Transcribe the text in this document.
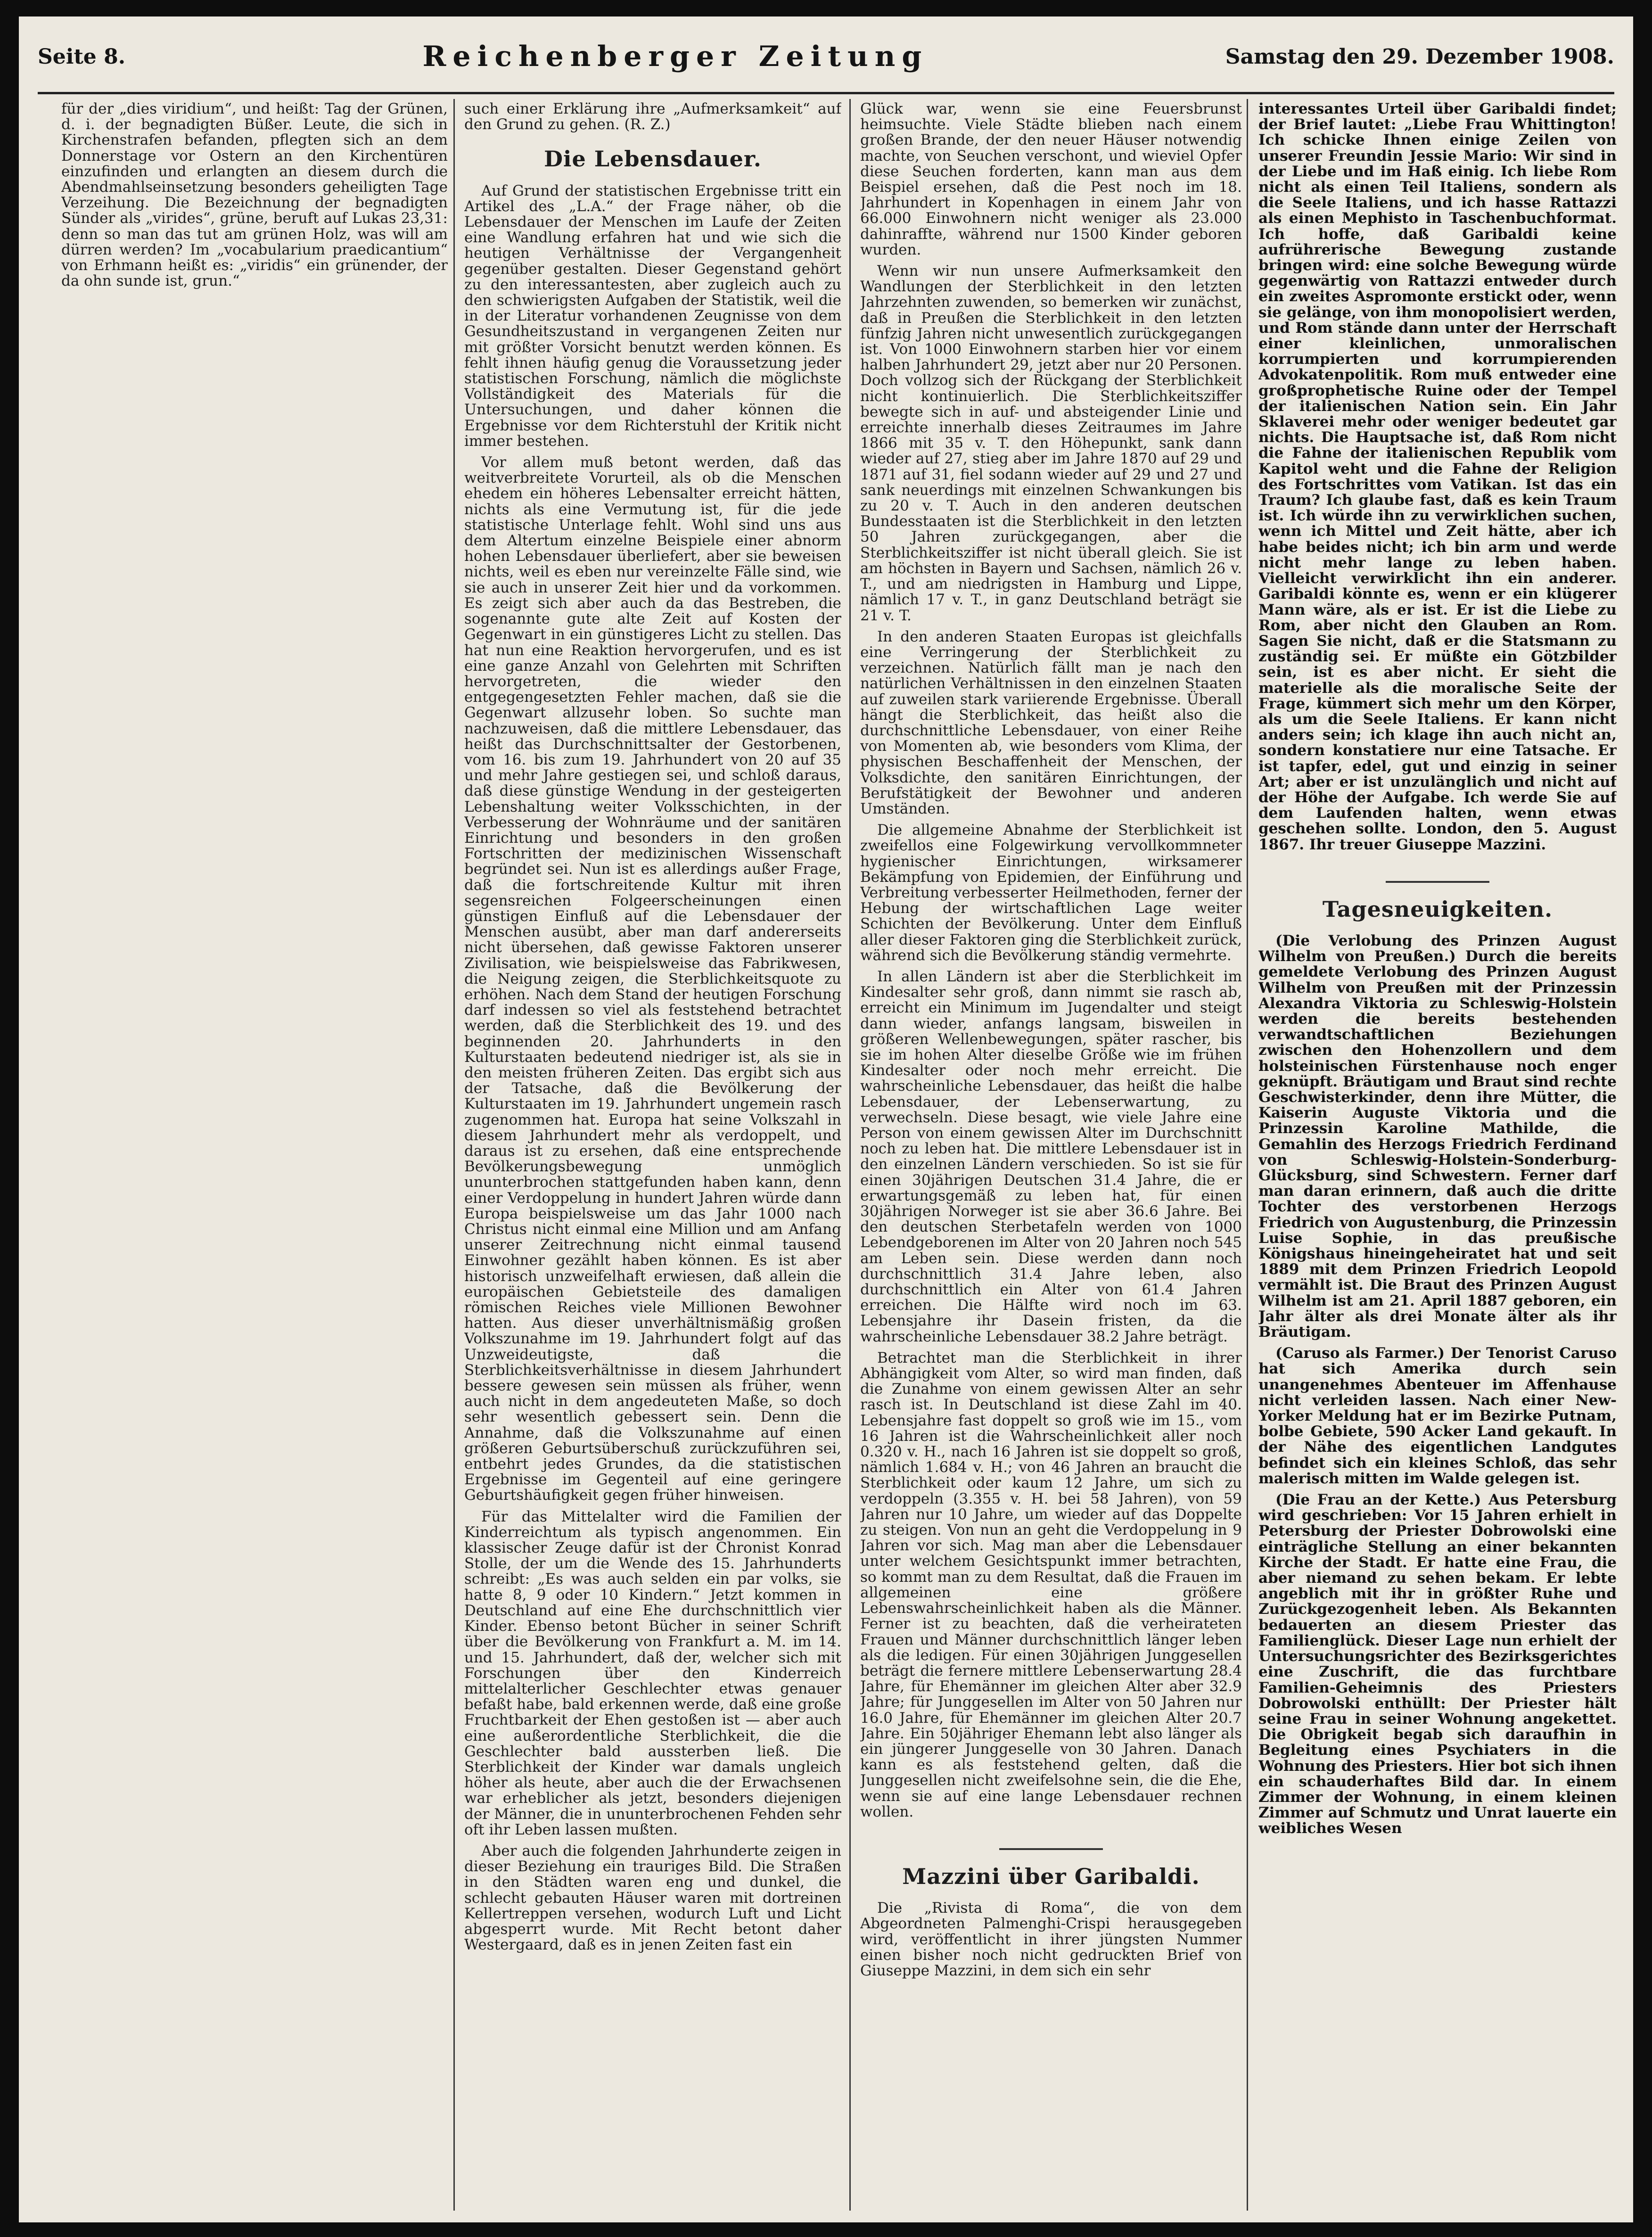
Seite 8.	Reichenberger Zeitung	Samstag den 29. Dezember 1908.

für der „dies viridium“, und heißt: Tag der Grünen, d. i. der begnadigten Büßer. Leute, die sich in Kirchenstrafen befanden, pflegten sich an dem Donnerstage vor Ostern an den Kirchentüren einzufinden und erlangten an diesem durch die Abendmahlseinsetzung besonders geheiligten Tage Verzeihung. Die Bezeichnung der begnadigten Sünder als „virides“, grüne, beruft auf Lukas 23,31: denn so man das tut am grünen Holz, was will am dürren werden? Im „vocabularium praedicantium“ von Erhmann heißt es: „viridis“ ein grünender, der da ohn sunde ist, grun.“

such einer Erklärung ihre „Aufmerksamkeit“ auf den Grund zu gehen. (R. Z.)

Die Lebensdauer.

Auf Grund der statistischen Ergebnisse tritt ein Artikel des „L.A.“ der Frage näher, ob die Lebensdauer der Menschen im Laufe der Zeiten eine Wandlung erfahren hat und wie sich die heutigen Verhältnisse der Vergangenheit gegenüber gestalten. Dieser Gegenstand gehört zu den interessantesten, aber zugleich auch zu den schwierigsten Aufgaben der Statistik, weil die in der Literatur vorhandenen Zeugnisse von dem Gesundheitszustand in vergangenen Zeiten nur mit größter Vorsicht benutzt werden können. Es fehlt ihnen häufig genug die Voraussetzung jeder statistischen Forschung, nämlich die möglichste Vollständigkeit des Materials für die Untersuchungen, und daher können die Ergebnisse vor dem Richterstuhl der Kritik nicht immer bestehen.

Vor allem muß betont werden, daß das weitverbreitete Vorurteil, als ob die Menschen ehedem ein höheres Lebensalter erreicht hätten, nichts als eine Vermutung ist, für die jede statistische Unterlage fehlt. Wohl sind uns aus dem Altertum einzelne Beispiele einer abnorm hohen Lebensdauer überliefert, aber sie beweisen nichts, weil es eben nur vereinzelte Fälle sind, wie sie auch in unserer Zeit hier und da vorkommen. Es zeigt sich aber auch da das Bestreben, die sogenannte gute alte Zeit auf Kosten der Gegenwart in ein günstigeres Licht zu stellen. Das hat nun eine Reaktion hervorgerufen, und es ist eine ganze Anzahl von Gelehrten mit Schriften hervorgetreten, die wieder den entgegengesetzten Fehler machen, daß sie die Gegenwart allzusehr loben. So suchte man nachzuweisen, daß die mittlere Lebensdauer, das heißt das Durchschnittsalter der Gestorbenen, vom 16. bis zum 19. Jahrhundert von 20 auf 35 und mehr Jahre gestiegen sei, und schloß daraus, daß diese günstige Wendung in der gesteigerten Lebenshaltung weiter Volksschichten, in der Verbesserung der Wohnräume und der sanitären Einrichtung und besonders in den großen Fortschritten der medizinischen Wissenschaft begründet sei. Nun ist es allerdings außer Frage, daß die fortschreitende Kultur mit ihren segensreichen Folgeerscheinungen einen günstigen Einfluß auf die Lebensdauer der Menschen ausübt, aber man darf andererseits nicht übersehen, daß gewisse Faktoren unserer Zivilisation, wie beispielsweise das Fabrikwesen, die Neigung zeigen, die Sterblichkeitsquote zu erhöhen. Nach dem Stand der heutigen Forschung darf indessen so viel als feststehend betrachtet werden, daß die Sterblichkeit des 19. und des beginnenden 20. Jahrhunderts in den Kulturstaaten bedeutend niedriger ist, als sie in den meisten früheren Zeiten. Das ergibt sich aus der Tatsache, daß die Bevölkerung der Kulturstaaten im 19. Jahrhundert ungemein rasch zugenommen hat. Europa hat seine Volkszahl in diesem Jahrhundert mehr als verdoppelt, und daraus ist zu ersehen, daß eine entsprechende Bevölkerungsbewegung unmöglich ununterbrochen stattgefunden haben kann, denn einer Verdoppelung in hundert Jahren würde dann Europa beispielsweise um das Jahr 1000 nach Christus nicht einmal eine Million und am Anfang unserer Zeitrechnung nicht einmal tausend Einwohner gezählt haben können. Es ist aber historisch unzweifelhaft erwiesen, daß allein die europäischen Gebietsteile des damaligen römischen Reiches viele Millionen Bewohner hatten. Aus dieser unverhältnismäßig großen Volkszunahme im 19. Jahrhundert folgt auf das Unzweideutigste, daß die Sterblichkeitsverhältnisse in diesem Jahrhundert bessere gewesen sein müssen als früher, wenn auch nicht in dem angedeuteten Maße, so doch sehr wesentlich gebessert sein. Denn die Annahme, daß die Volkszunahme auf einen größeren Geburtsüberschuß zurückzuführen sei, entbehrt jedes Grundes, da die statistischen Ergebnisse im Gegenteil auf eine geringere Geburtshäufigkeit gegen früher hinweisen.

Für das Mittelalter wird die Familien der Kinderreichtum als typisch angenommen. Ein klassischer Zeuge dafür ist der Chronist Konrad Stolle, der um die Wende des 15. Jahrhunderts schreibt: „Es was auch selden ein par volks, sie hatte 8, 9 oder 10 Kindern.“ Jetzt kommen in Deutschland auf eine Ehe durchschnittlich vier Kinder. Ebenso betont Bücher in seiner Schrift über die Bevölkerung von Frankfurt a. M. im 14. und 15. Jahrhundert, daß der, welcher sich mit Forschungen über den Kinderreich mittelalterlicher Geschlechter etwas genauer befaßt habe, bald erkennen werde, daß eine große Fruchtbarkeit der Ehen gestoßen ist — aber auch eine außerordentliche Sterblichkeit, die die Geschlechter bald aussterben ließ. Die Sterblichkeit der Kinder war damals ungleich höher als heute, aber auch die der Erwachsenen war erheblicher als jetzt, besonders diejenigen der Männer, die in ununterbrochenen Fehden sehr oft ihr Leben lassen mußten.

Aber auch die folgenden Jahrhunderte zeigen in dieser Beziehung ein trauriges Bild. Die Straßen in den Städten waren eng und dunkel, die schlecht gebauten Häuser waren mit dortreinen Kellertreppen versehen, wodurch Luft und Licht abgesperrt wurde. Mit Recht betont daher Westergaard, daß es in jenen Zeiten fast ein

Glück war, wenn sie eine Feuersbrunst heimsuchte. Viele Städte blieben nach einem großen Brande, der den neuer Häuser notwendig machte, von Seuchen verschont, und wieviel Opfer diese Seuchen forderten, kann man aus dem Beispiel ersehen, daß die Pest noch im 18. Jahrhundert in Kopenhagen in einem Jahr von 66.000 Einwohnern nicht weniger als 23.000 dahinraffte, während nur 1500 Kinder geboren wurden.

Wenn wir nun unsere Aufmerksamkeit den Wandlungen der Sterblichkeit in den letzten Jahrzehnten zuwenden, so bemerken wir zunächst, daß in Preußen die Sterblichkeit in den letzten fünfzig Jahren nicht unwesentlich zurückgegangen ist. Von 1000 Einwohnern starben hier vor einem halben Jahrhundert 29, jetzt aber nur 20 Personen. Doch vollzog sich der Rückgang der Sterblichkeit nicht kontinuierlich. Die Sterblichkeitsziffer bewegte sich in auf- und absteigender Linie und erreichte innerhalb dieses Zeitraumes im Jahre 1866 mit 35 v. T. den Höhepunkt, sank dann wieder auf 27, stieg aber im Jahre 1870 auf 29 und 1871 auf 31, fiel sodann wieder auf 29 und 27 und sank neuerdings mit einzelnen Schwankungen bis zu 20 v. T. Auch in den anderen deutschen Bundesstaaten ist die Sterblichkeit in den letzten 50 Jahren zurückgegangen, aber die Sterblichkeitsziffer ist nicht überall gleich. Sie ist am höchsten in Bayern und Sachsen, nämlich 26 v. T., und am niedrigsten in Hamburg und Lippe, nämlich 17 v. T., in ganz Deutschland beträgt sie 21 v. T.

In den anderen Staaten Europas ist gleichfalls eine Verringerung der Sterblichkeit zu verzeichnen. Natürlich fällt man je nach den natürlichen Verhältnissen in den einzelnen Staaten auf zuweilen stark variierende Ergebnisse. Überall hängt die Sterblichkeit, das heißt also die durchschnittliche Lebensdauer, von einer Reihe von Momenten ab, wie besonders vom Klima, der physischen Beschaffenheit der Menschen, der Volksdichte, den sanitären Einrichtungen, der Berufstätigkeit der Bewohner und anderen Umständen.

Die allgemeine Abnahme der Sterblichkeit ist zweifellos eine Folgewirkung vervollkommneter hygienischer Einrichtungen, wirksamerer Bekämpfung von Epidemien, der Einführung und Verbreitung verbesserter Heilmethoden, ferner der Hebung der wirtschaftlichen Lage weiter Schichten der Bevölkerung. Unter dem Einfluß aller dieser Faktoren ging die Sterblichkeit zurück, während sich die Bevölkerung ständig vermehrte.

In allen Ländern ist aber die Sterblichkeit im Kindesalter sehr groß, dann nimmt sie rasch ab, erreicht ein Minimum im Jugendalter und steigt dann wieder, anfangs langsam, bisweilen in größeren Wellenbewegungen, später rascher, bis sie im hohen Alter dieselbe Größe wie im frühen Kindesalter oder noch mehr erreicht. Die wahrscheinliche Lebensdauer, das heißt die halbe Lebensdauer, der Lebenserwartung, zu verwechseln. Diese besagt, wie viele Jahre eine Person von einem gewissen Alter im Durchschnitt noch zu leben hat. Die mittlere Lebensdauer ist in den einzelnen Ländern verschieden. So ist sie für einen 30jährigen Deutschen 31.4 Jahre, die er erwartungsgemäß zu leben hat, für einen 30jährigen Norweger ist sie aber 36.6 Jahre. Bei den deutschen Sterbetafeln werden von 1000 Lebendgeborenen im Alter von 20 Jahren noch 545 am Leben sein. Diese werden dann noch durchschnittlich 31.4 Jahre leben, also durchschnittlich ein Alter von 61.4 Jahren erreichen. Die Hälfte wird noch im 63. Lebensjahre ihr Dasein fristen, da die wahrscheinliche Lebensdauer 38.2 Jahre beträgt.

Betrachtet man die Sterblichkeit in ihrer Abhängigkeit vom Alter, so wird man finden, daß die Zunahme von einem gewissen Alter an sehr rasch ist. In Deutschland ist diese Zahl im 40. Lebensjahre fast doppelt so groß wie im 15., vom 16 Jahren ist die Wahrscheinlichkeit aller noch 0.320 v. H., nach 16 Jahren ist sie doppelt so groß, nämlich 1.684 v. H.; von 46 Jahren an braucht die Sterblichkeit oder kaum 12 Jahre, um sich zu verdoppeln (3.355 v. H. bei 58 Jahren), von 59 Jahren nur 10 Jahre, um wieder auf das Doppelte zu steigen. Von nun an geht die Verdoppelung in 9 Jahren vor sich. Mag man aber die Lebensdauer unter welchem Gesichtspunkt immer betrachten, so kommt man zu dem Resultat, daß die Frauen im allgemeinen eine größere Lebenswahrscheinlichkeit haben als die Männer. Ferner ist zu beachten, daß die verheirateten Frauen und Männer durchschnittlich länger leben als die ledigen. Für einen 30jährigen Junggesellen beträgt die fernere mittlere Lebenserwartung 28.4 Jahre, für Ehemänner im gleichen Alter aber 32.9 Jahre; für Junggesellen im Alter von 50 Jahren nur 16.0 Jahre, für Ehemänner im gleichen Alter 20.7 Jahre. Ein 50jähriger Ehemann lebt also länger als ein jüngerer Junggeselle von 30 Jahren. Danach kann es als feststehend gelten, daß die Junggesellen nicht zweifelsohne sein, die die Ehe, wenn sie auf eine lange Lebensdauer rechnen wollen.

Mazzini über Garibaldi.

Die „Rivista di Roma“, die von dem Abgeordneten Palmenghi-Crispi herausgegeben wird, veröffentlicht in ihrer jüngsten Nummer einen bisher noch nicht gedruckten Brief von Giuseppe Mazzini, in dem sich ein sehr

interessantes Urteil über Garibaldi findet; der Brief lautet: „Liebe Frau Whittington! Ich schicke Ihnen einige Zeilen von unserer Freundin Jessie Mario: Wir sind in der Liebe und im Haß einig. Ich liebe Rom nicht als einen Teil Italiens, sondern als die Seele Italiens, und ich hasse Rattazzi als einen Mephisto in Taschenbuchformat. Ich hoffe, daß Garibaldi keine aufrührerische Bewegung zustande bringen wird: eine solche Bewegung würde gegenwärtig von Rattazzi entweder durch ein zweites Aspromonte erstickt oder, wenn sie gelänge, von ihm monopolisiert werden, und Rom stände dann unter der Herrschaft einer kleinlichen, unmoralischen korrumpierten und korrumpierenden Advokatenpolitik. Rom muß entweder eine großprophetische Ruine oder der Tempel der italienischen Nation sein. Ein Jahr Sklaverei mehr oder weniger bedeutet gar nichts. Die Hauptsache ist, daß Rom nicht die Fahne der italienischen Republik vom Kapitol weht und die Fahne der Religion des Fortschrittes vom Vatikan. Ist das ein Traum? Ich glaube fast, daß es kein Traum ist. Ich würde ihn zu verwirklichen suchen, wenn ich Mittel und Zeit hätte, aber ich habe beides nicht; ich bin arm und werde nicht mehr lange zu leben haben. Vielleicht verwirklicht ihn ein anderer. Garibaldi könnte es, wenn er ein klügerer Mann wäre, als er ist. Er ist die Liebe zu Rom, aber nicht den Glauben an Rom. Sagen Sie nicht, daß er die Statsmann zu zuständig sei. Er müßte ein Götzbilder sein, ist es aber nicht. Er sieht die materielle als die moralische Seite der Frage, kümmert sich mehr um den Körper, als um die Seele Italiens. Er kann nicht anders sein; ich klage ihn auch nicht an, sondern konstatiere nur eine Tatsache. Er ist tapfer, edel, gut und einzig in seiner Art; aber er ist unzulänglich und nicht auf der Höhe der Aufgabe. Ich werde Sie auf dem Laufenden halten, wenn etwas geschehen sollte. London, den 5. August 1867. Ihr treuer Giuseppe Mazzini.

Tagesneuigkeiten.

(Die Verlobung des Prinzen August Wilhelm von Preußen.) Durch die bereits gemeldete Verlobung des Prinzen August Wilhelm von Preußen mit der Prinzessin Alexandra Viktoria zu Schleswig-Holstein werden die bereits bestehenden verwandtschaftlichen Beziehungen zwischen den Hohenzollern und dem holsteinischen Fürstenhause noch enger geknüpft. Bräutigam und Braut sind rechte Geschwisterkinder, denn ihre Mütter, die Kaiserin Auguste Viktoria und die Prinzessin Karoline Mathilde, die Gemahlin des Herzogs Friedrich Ferdinand von Schleswig-Holstein-Sonderburg-Glücksburg, sind Schwestern. Ferner darf man daran erinnern, daß auch die dritte Tochter des verstorbenen Herzogs Friedrich von Augustenburg, die Prinzessin Luise Sophie, in das preußische Königshaus hineingeheiratet hat und seit 1889 mit dem Prinzen Friedrich Leopold vermählt ist. Die Braut des Prinzen August Wilhelm ist am 21. April 1887 geboren, ein Jahr älter als drei Monate älter als ihr Bräutigam.

(Caruso als Farmer.) Der Tenorist Caruso hat sich Amerika durch sein unangenehmes Abenteuer im Affenhause nicht verleiden lassen. Nach einer New-Yorker Meldung hat er im Bezirke Putnam, bolbe Gebiete, 590 Acker Land gekauft. In der Nähe des eigentlichen Landgutes befindet sich ein kleines Schloß, das sehr malerisch mitten im Walde gelegen ist.

(Die Frau an der Kette.) Aus Petersburg wird geschrieben: Vor 15 Jahren erhielt in Petersburg der Priester Dobrowolski eine einträgliche Stellung an einer bekannten Kirche der Stadt. Er hatte eine Frau, die aber niemand zu sehen bekam. Er lebte angeblich mit ihr in größter Ruhe und Zurückgezogenheit leben. Als Bekannten bedauerten an diesem Priester das Familienglück. Dieser Lage nun erhielt der Untersuchungsrichter des Bezirksgerichtes eine Zuschrift, die das furchtbare Familien-Geheimnis des Priesters Dobrowolski enthüllt: Der Priester hält seine Frau in seiner Wohnung angekettet. Die Obrigkeit begab sich daraufhin in Begleitung eines Psychiaters in die Wohnung des Priesters. Hier bot sich ihnen ein schauderhaftes Bild dar. In einem Zimmer der Wohnung, in einem kleinen Zimmer auf Schmutz und Unrat lauerte ein weibliches Wesen
